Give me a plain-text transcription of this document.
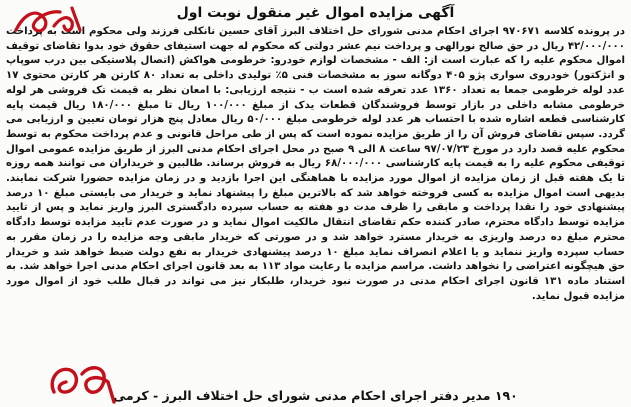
آگهی مزایده اموال غیر منقول نوبت اول

در پرونده کلاسه ۹۷۰۶۷۱ اجرای احکام مدنی شورای حل اختلاف البرز آقای حسین نانکلی فرزند ولی محکوم است به پرداخت ۴۲/۰۰۰/۰۰۰ ریال در حق صالح نورالهی و پرداخت نیم عشر دولتی که محکوم له جهت استیفای حقوق خود بدوا تقاضای توقیف اموال محکوم علیه را که عبارت است از: الف - مشخصات لوازم خودرو: خرطومی هواکش (اتصال پلاستیکی بین درب سوپاپ و انژکتور) خودروی سواری پژو ۴۰۵ دوگانه سوز به مشخصات فنی ۵٪ تولیدی داخلی به تعداد ۸۰ کارتن هر کارتن محتوی ۱۷ عدد لوله خرطومی جمعا به تعداد ۱۳۶۰ عدد تعرفه شده است ب - نتیجه ارزیابی: با امعان نظر به قیمت تک فروشی هر لوله خرطومی مشابه داخلی در بازار توسط فروشندگان قطعات یدک از مبلغ ۱۰۰/۰۰۰ ریال تا مبلغ ۱۸۰/۰۰۰ ریال قیمت پایه کارشناسی قطعه اشاره شده با احتساب هر عدد لوله خرطومی مبلغ ۵۰/۰۰۰ ریال معادل پنج هزار تومان تعیین و ارزیابی می گردد. سپس تقاضای فروش آن را از طریق مزایده نموده است که پس از طی مراحل قانونی و عدم پرداخت محکوم به توسط محکوم علیه قصد دارد در مورخ ۹۷/۰۷/۲۳ ساعت ۸ الی ۹ صبح در محل اجرای احکام مدنی البرز از طریق مزایده عمومی اموال توقیفی محکوم علیه را به قیمت پایه کارشناسی ۶۸/۰۰۰/۰۰۰ ریال به فروش برساند. طالبین و خریداران می توانند همه روزه تا یک هفته قبل از زمان مزایده از اموال مورد مزایده با هماهنگی این اجرا بازدید و در زمان مزایده حضورا شرکت نمایند. بدیهی است اموال مزایده به کسی فروخته خواهد شد که بالاترین مبلغ را پیشنهاد نماید و خریدار می بایستی مبلغ ۱۰ درصد پیشنهادی خود را نقدا پرداخت و مابقی را ظرف مدت دو هفته به حساب سپرده دادگستری البرز واریز نماید و پس از تایید مزایده توسط دادگاه محترم، صادر کننده حکم تقاضای انتقال مالکیت اموال نماید و در صورت عدم تایید مزایده توسط دادگاه محترم مبلغ ده درصد واریزی به خریدار مسترد خواهد شد و در صورتی که خریدار مابقی وجه مزایده را در زمان مقرر به حساب سپرده واریز ننماید و یا اعلام انصراف نماید مبلغ ۱۰ درصد پیشنهادی خریدار به نفع دولت ضبط خواهد شد و خریدار حق هیچگونه اعتراضی را نخواهد داشت. مراسم مزایده با رعایت مواد ۱۱۳ به بعد قانون اجرای احکام مدنی اجرا خواهد شد. به استناد ماده ۱۳۱ قانون اجرای احکام مدنی در صورت نبود خریدار، طلبکار نیز می تواند در قبال طلب خود از اموال مورد مزایده قبول نماید.

۱۹۰ مدیر دفتر اجرای احکام مدنی شورای حل اختلاف البرز - کرمی
